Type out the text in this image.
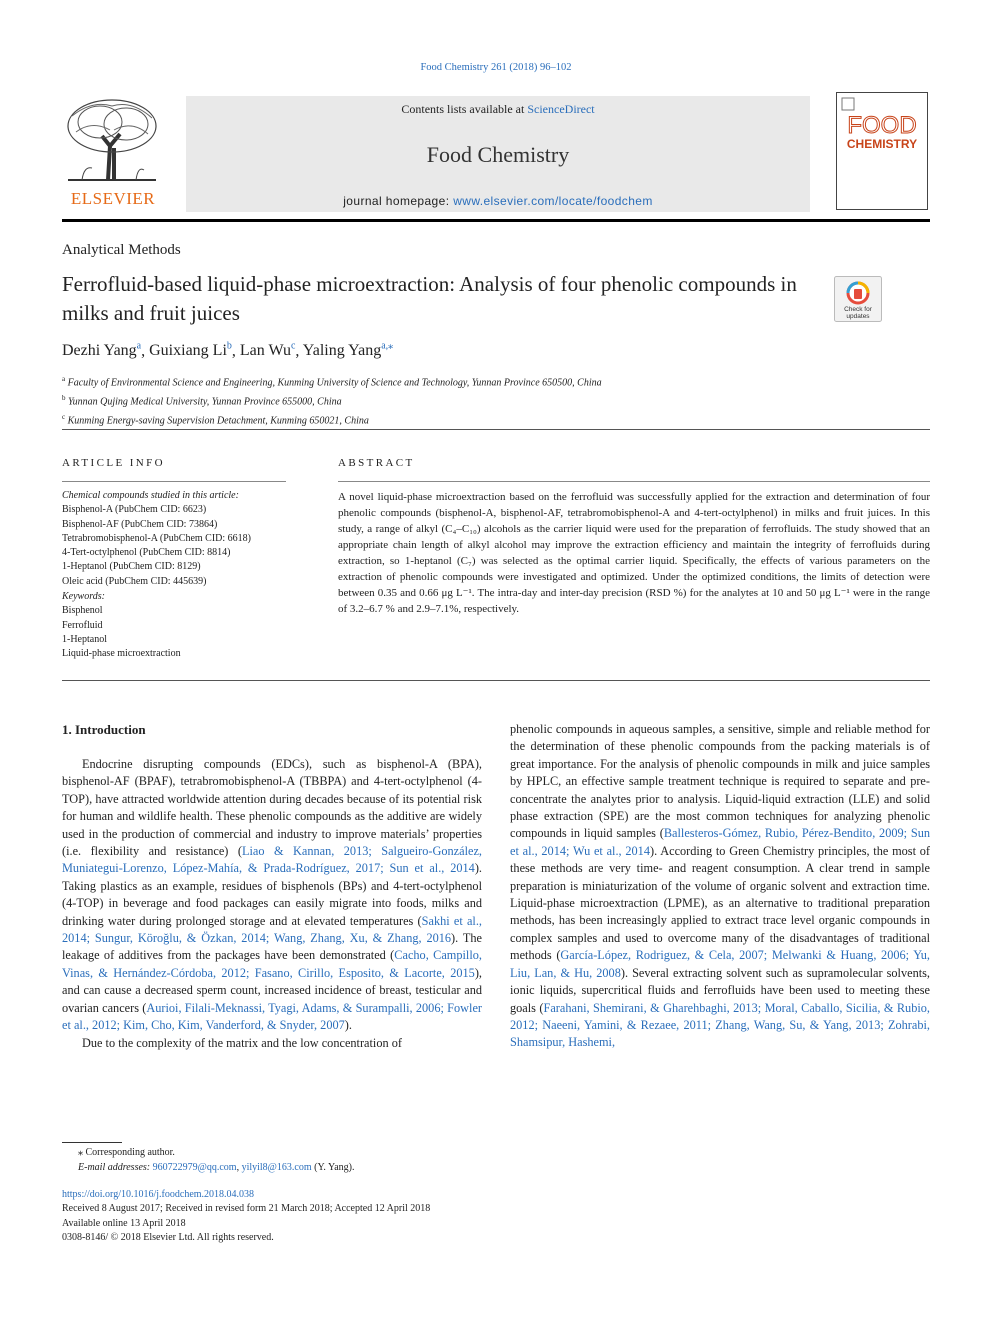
Food Chemistry 261 (2018) 96–102
ELSEVIER
Contents lists available at ScienceDirect
Food Chemistry
journal homepage: www.elsevier.com/locate/foodchem
FOOD
CHEMISTRY
Analytical Methods
Ferrofluid-based liquid-phase microextraction: Analysis of four phenolic compounds in milks and fruit juices	Check for updates
Dezhi Yang$^a$, Guixiang Li$^b$, Lan Wu$^c$, Yaling Yang$^{a,⁎}$
$^a$ Faculty of Environmental Science and Engineering, Kunming University of Science and Technology, Yunnan Province 650500, China
$^b$ Yunnan Qujing Medical University, Yunnan Province 655000, China
$^c$ Kunming Energy-saving Supervision Detachment, Kunming 650021, China
ARTICLE INFO	ABSTRACT
Chemical compounds studied in this article:
Bisphenol-A (PubChem CID: 6623)
Bisphenol-AF (PubChem CID: 73864)
Tetrabromobisphenol-A (PubChem CID: 6618)
4-Tert-octylphenol (PubChem CID: 8814)
1-Heptanol (PubChem CID: 8129)
Oleic acid (PubChem CID: 445639)
Keywords:
Bisphenol
Ferrofluid
1-Heptanol
Liquid-phase microextraction
A novel liquid-phase microextraction based on the ferrofluid was successfully applied for the extraction and determination of four phenolic compounds (bisphenol-A, bisphenol-AF, tetrabromobisphenol-A and 4-tert-octylphenol) in milks and fruit juices. In this study, a range of alkyl (C₄–C₁₀) alcohols as the carrier liquid were used for the preparation of ferrofluids. The study showed that an appropriate chain length of alkyl alcohol may improve the extraction efficiency and maintain the integrity of ferrofluids during extraction, so 1-heptanol (C₇) was selected as the optimal carrier liquid. Specifically, the effects of various parameters on the extraction of phenolic compounds were investigated and optimized. Under the optimized conditions, the limits of detection were between 0.35 and 0.66 μg L⁻¹. The intra-day and inter-day precision (RSD %) for the analytes at 10 and 50 μg L⁻¹ were in the range of 3.2–6.7 % and 2.9–7.1%, respectively.
1. Introduction

Endocrine disrupting compounds (EDCs), such as bisphenol-A (BPA), bisphenol-AF (BPAF), tetrabromobisphenol-A (TBBPA) and 4-tert-octylphenol (4-TOP), have attracted worldwide attention during decades because of its potential risk for human and wildlife health. These phenolic compounds as the additive are widely used in the production of commercial and industry to improve materials’ properties (i.e. flexibility and resistance) (Liao & Kannan, 2013; Salgueiro-González, Muniategui-Lorenzo, López-Mahía, & Prada-Rodríguez, 2017; Sun et al., 2014). Taking plastics as an example, residues of bisphenols (BPs) and 4-tert-octylphenol (4-TOP) in beverage and food packages can easily migrate into foods, milks and drinking water during prolonged storage and at elevated temperatures (Sakhi et al., 2014; Sungur, Köroğlu, & Özkan, 2014; Wang, Zhang, Xu, & Zhang, 2016). The leakage of additives from the packages have been demonstrated (Cacho, Campillo, Vinas, & Hernández-Córdoba, 2012; Fasano, Cirillo, Esposito, & Lacorte, 2015), and can cause a decreased sperm count, increased incidence of breast, testicular and ovarian cancers (Aurioi, Filali-Meknassi, Tyagi, Adams, & Surampalli, 2006; Fowler et al., 2012; Kim, Cho, Kim, Vanderford, & Snyder, 2007).

Due to the complexity of the matrix and the low concentration of

phenolic compounds in aqueous samples, a sensitive, simple and reliable method for the determination of these phenolic compounds from the packing materials is of great importance. For the analysis of phenolic compounds in milk and juice samples by HPLC, an effective sample treatment technique is required to separate and pre-concentrate the analytes prior to analysis. Liquid-liquid extraction (LLE) and solid phase extraction (SPE) are the most common techniques for analyzing phenolic compounds in liquid samples (Ballesteros-Gómez, Rubio, Pérez-Bendito, 2009; Sun et al., 2014; Wu et al., 2014). According to Green Chemistry principles, the most of these methods are very time- and reagent consumption. A clear trend in sample preparation is miniaturization of the volume of organic solvent and extraction time. Liquid-phase microextraction (LPME), as an alternative to traditional preparation methods, has been increasingly applied to extract trace level organic compounds in complex samples and used to overcome many of the disadvantages of traditional methods (García-López, Rodriguez, & Cela, 2007; Melwanki & Huang, 2006; Yu, Liu, Lan, & Hu, 2008). Several extracting solvent such as supramolecular solvents, ionic liquids, supercritical fluids and ferrofluids have been used to meeting these goals (Farahani, Shemirani, & Gharehbaghi, 2013; Moral, Caballo, Sicilia, & Rubio, 2012; Naeeni, Yamini, & Rezaee, 2011; Zhang, Wang, Su, & Yang, 2013; Zohrabi, Shamsipur, Hashemi,

⁎ Corresponding author.
E-mail addresses: 960722979@qq.com, yilyil8@163.com (Y. Yang).
https://doi.org/10.1016/j.foodchem.2018.04.038
Received 8 August 2017; Received in revised form 21 March 2018; Accepted 12 April 2018
Available online 13 April 2018
0308-8146/ © 2018 Elsevier Ltd. All rights reserved.
